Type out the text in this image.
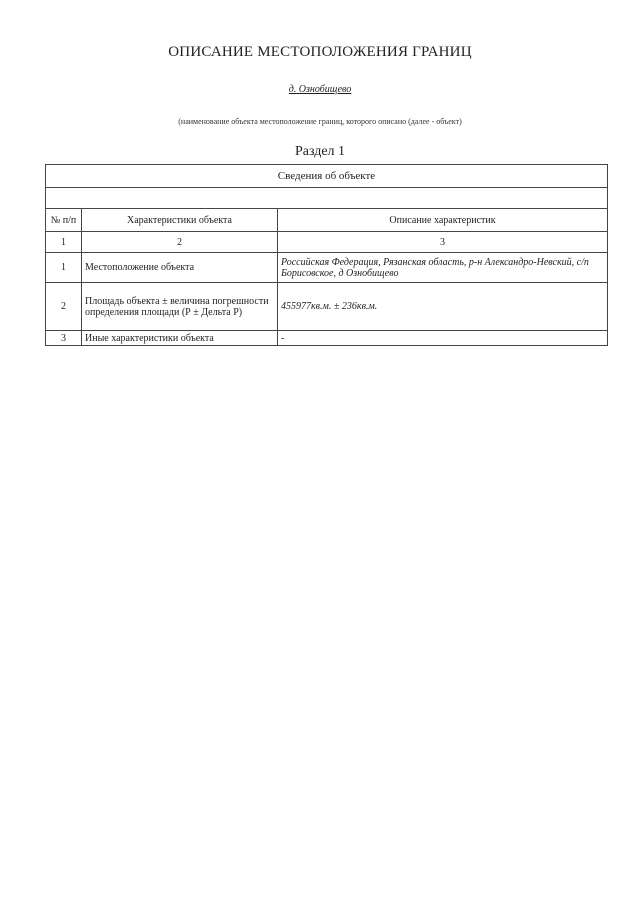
ОПИСАНИЕ МЕСТОПОЛОЖЕНИЯ ГРАНИЦ
д. Ознобищево
(наименование объекта местоположение границ, которого описано (далее - объект)
Раздел 1
Сведения об объекте		

№ п/п	Характеристики объекта	Описание характеристик
1	2	3
1	Местоположение объекта	Российская Федерация, Рязанская область, р-н Александро-Невский, с/п Борисовское, д Ознобищево
2	Площадь объекта ± величина погрешности определения площади (Р ± Дельта Р)	455977кв.м. ± 236кв.м.
3	Иные характеристики объекта	-
